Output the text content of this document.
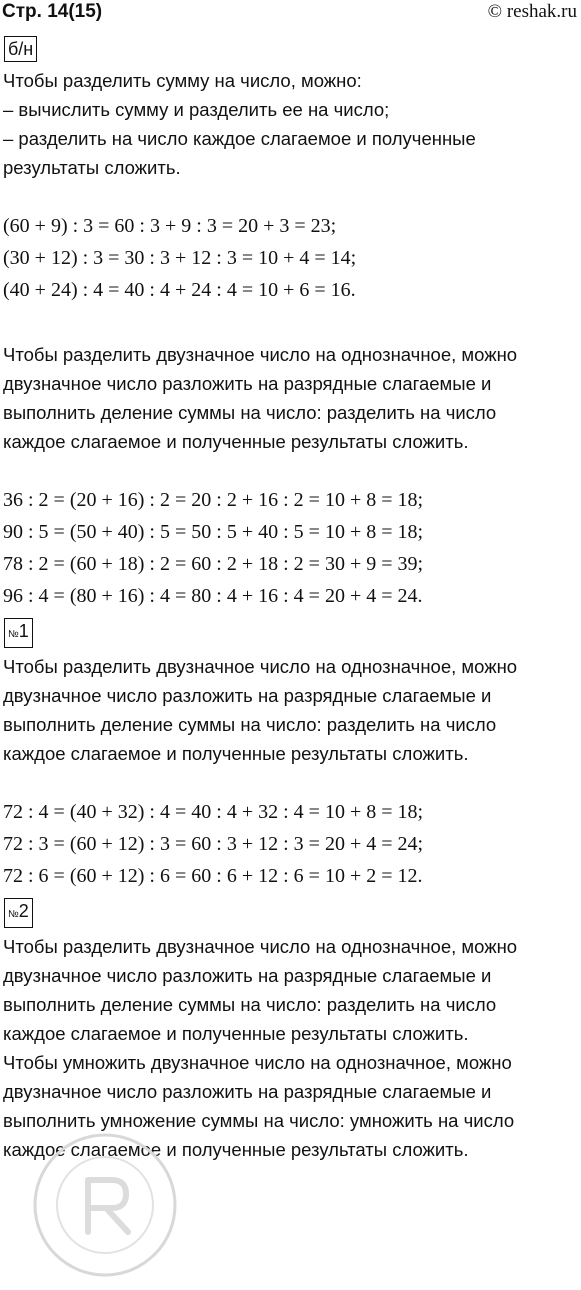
Стр. 14(15)	© reshak.ru
б/н
Чтобы разделить сумму на число, можно:
– вычислить сумму и разделить ее на число;
– разделить на число каждое слагаемое и полученные
результаты сложить.
(60 + 9) : 3 = 60 : 3 + 9 : 3 = 20 + 3 = 23;
(30 + 12) : 3 = 30 : 3 + 12 : 3 = 10 + 4 = 14;
(40 + 24) : 4 = 40 : 4 + 24 : 4 = 10 + 6 = 16.
Чтобы разделить двузначное число на однозначное, можно
двузначное число разложить на разрядные слагаемые и
выполнить деление суммы на число: разделить на число
каждое слагаемое и полученные результаты сложить.
36 : 2 = (20 + 16) : 2 = 20 : 2 + 16 : 2 = 10 + 8 = 18;
90 : 5 = (50 + 40) : 5 = 50 : 5 + 40 : 5 = 10 + 8 = 18;
78 : 2 = (60 + 18) : 2 = 60 : 2 + 18 : 2 = 30 + 9 = 39;
96 : 4 = (80 + 16) : 4 = 80 : 4 + 16 : 4 = 20 + 4 = 24.
№1
Чтобы разделить двузначное число на однозначное, можно
двузначное число разложить на разрядные слагаемые и
выполнить деление суммы на число: разделить на число
каждое слагаемое и полученные результаты сложить.
72 : 4 = (40 + 32) : 4 = 40 : 4 + 32 : 4 = 10 + 8 = 18;
72 : 3 = (60 + 12) : 3 = 60 : 3 + 12 : 3 = 20 + 4 = 24;
72 : 6 = (60 + 12) : 6 = 60 : 6 + 12 : 6 = 10 + 2 = 12.
№2
Чтобы разделить двузначное число на однозначное, можно
двузначное число разложить на разрядные слагаемые и
выполнить деление суммы на число: разделить на число
каждое слагаемое и полученные результаты сложить.
Чтобы умножить двузначное число на однозначное, можно
двузначное число разложить на разрядные слагаемые и
выполнить умножение суммы на число: умножить на число
каждое слагаемое и полученные результаты сложить.
